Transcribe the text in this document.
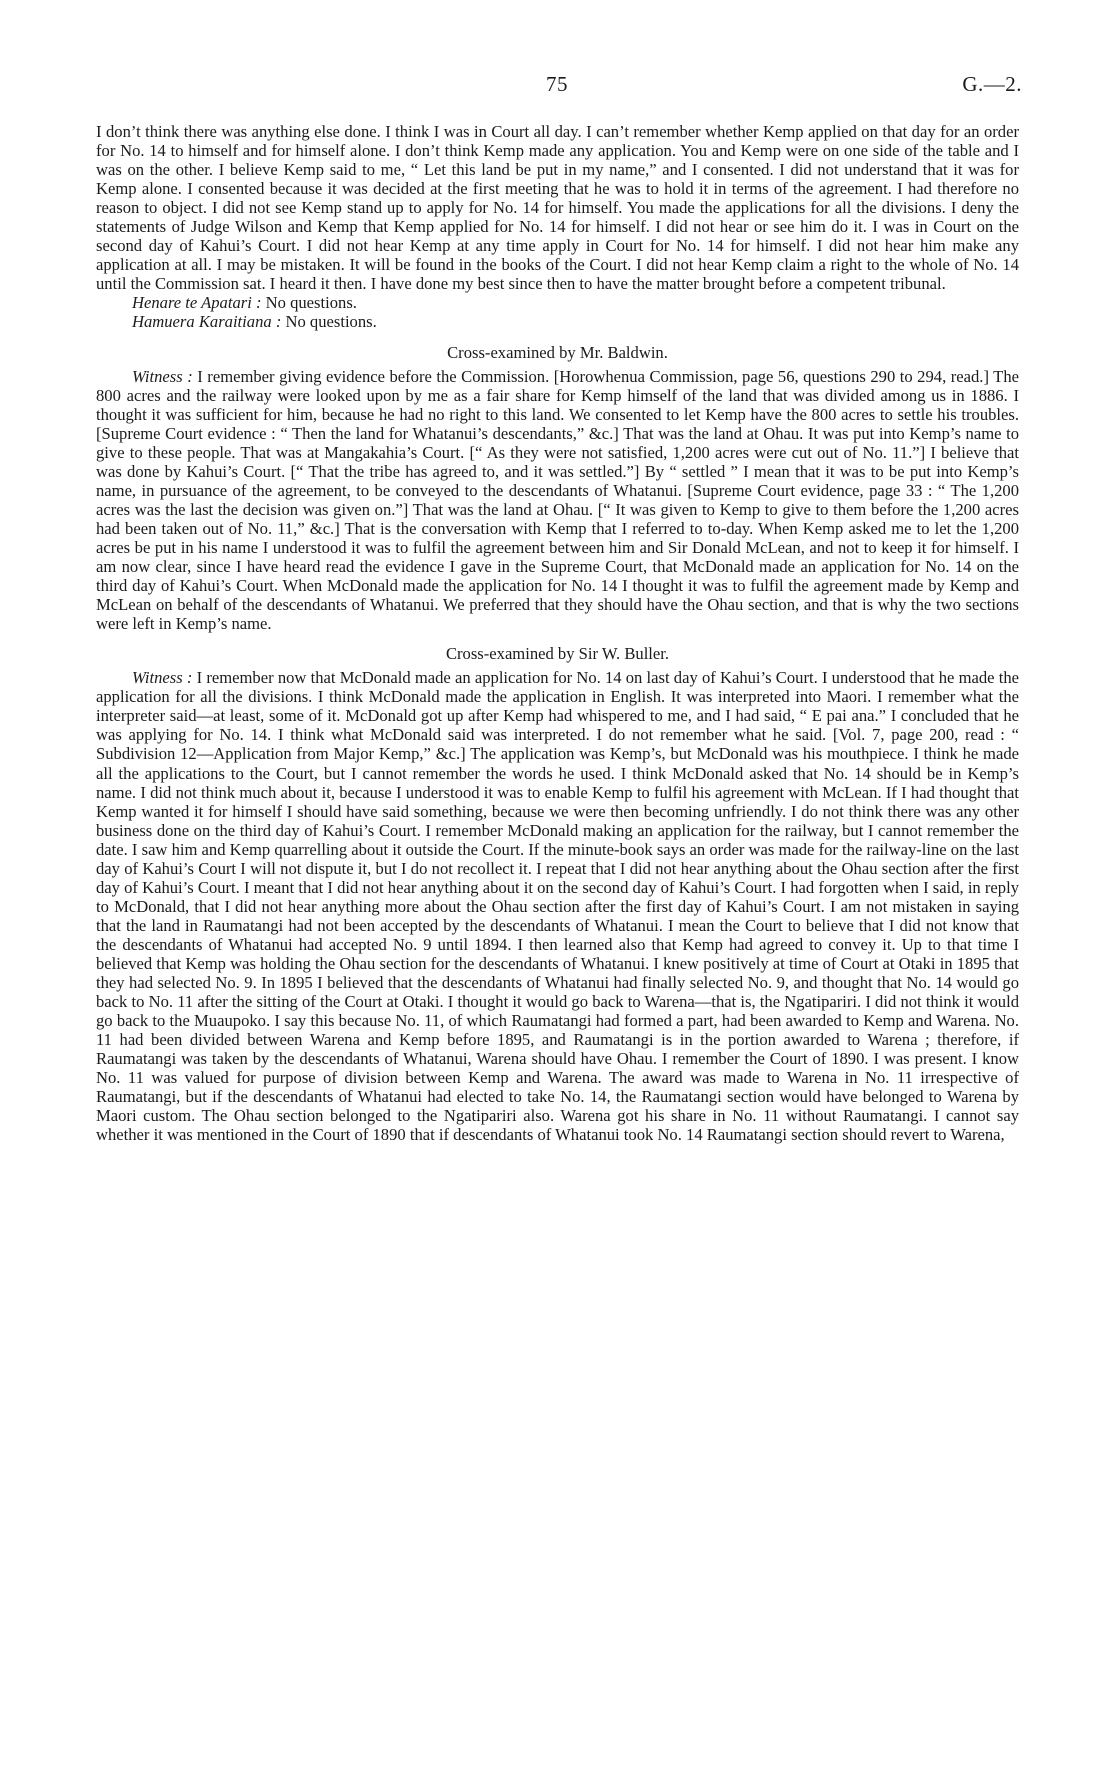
75	G.—2.

I don’t think there was anything else done. I think I was in Court all day. I can’t remember whether Kemp applied on that day for an order for No. 14 to himself and for himself alone. I don’t think Kemp made any application. You and Kemp were on one side of the table and I was on the other. I believe Kemp said to me, “ Let this land be put in my name,” and I consented. I did not understand that it was for Kemp alone. I consented because it was decided at the first meeting that he was to hold it in terms of the agreement. I had therefore no reason to object. I did not see Kemp stand up to apply for No. 14 for himself. You made the applications for all the divisions. I deny the statements of Judge Wilson and Kemp that Kemp applied for No. 14 for himself. I did not hear or see him do it. I was in Court on the second day of Kahui’s Court. I did not hear Kemp at any time apply in Court for No. 14 for himself. I did not hear him make any application at all. I may be mistaken. It will be found in the books of the Court. I did not hear Kemp claim a right to the whole of No. 14 until the Commission sat. I heard it then. I have done my best since then to have the matter brought before a competent tribunal.

Henare te Apatari : No questions.

Hamuera Karaitiana : No questions.

Cross-examined by Mr. Baldwin.

Witness : I remember giving evidence before the Commission. [Horowhenua Commission, page 56, questions 290 to 294, read.] The 800 acres and the railway were looked upon by me as a fair share for Kemp himself of the land that was divided among us in 1886. I thought it was sufficient for him, because he had no right to this land. We consented to let Kemp have the 800 acres to settle his troubles. [Supreme Court evidence : “ Then the land for Whatanui’s descendants,” &c.] That was the land at Ohau. It was put into Kemp’s name to give to these people. That was at Mangakahia’s Court. [“ As they were not satisfied, 1,200 acres were cut out of No. 11.”] I believe that was done by Kahui’s Court. [“ That the tribe has agreed to, and it was settled.”] By “ settled ” I mean that it was to be put into Kemp’s name, in pursuance of the agreement, to be conveyed to the descendants of Whatanui. [Supreme Court evidence, page 33 : “ The 1,200 acres was the last the decision was given on.”] That was the land at Ohau. [“ It was given to Kemp to give to them before the 1,200 acres had been taken out of No. 11,” &c.] That is the conversation with Kemp that I referred to to-day. When Kemp asked me to let the 1,200 acres be put in his name I understood it was to fulfil the agreement between him and Sir Donald McLean, and not to keep it for himself. I am now clear, since I have heard read the evidence I gave in the Supreme Court, that McDonald made an application for No. 14 on the third day of Kahui’s Court. When McDonald made the application for No. 14 I thought it was to fulfil the agreement made by Kemp and McLean on behalf of the descendants of Whatanui. We preferred that they should have the Ohau section, and that is why the two sections were left in Kemp’s name.

Cross-examined by Sir W. Buller.

Witness : I remember now that McDonald made an application for No. 14 on last day of Kahui’s Court. I understood that he made the application for all the divisions. I think McDonald made the application in English. It was interpreted into Maori. I remember what the interpreter said—at least, some of it. McDonald got up after Kemp had whispered to me, and I had said, “ E pai ana.” I concluded that he was applying for No. 14. I think what McDonald said was interpreted. I do not remember what he said. [Vol. 7, page 200, read : “ Subdivision 12—Application from Major Kemp,” &c.] The application was Kemp’s, but McDonald was his mouthpiece. I think he made all the applications to the Court, but I cannot remember the words he used. I think McDonald asked that No. 14 should be in Kemp’s name. I did not think much about it, because I understood it was to enable Kemp to fulfil his agreement with McLean. If I had thought that Kemp wanted it for himself I should have said something, because we were then becoming unfriendly. I do not think there was any other business done on the third day of Kahui’s Court. I remember McDonald making an application for the railway, but I cannot remember the date. I saw him and Kemp quarrelling about it outside the Court. If the minute-book says an order was made for the railway-line on the last day of Kahui’s Court I will not dispute it, but I do not recollect it. I repeat that I did not hear anything about the Ohau section after the first day of Kahui’s Court. I meant that I did not hear anything about it on the second day of Kahui’s Court. I had forgotten when I said, in reply to McDonald, that I did not hear anything more about the Ohau section after the first day of Kahui’s Court. I am not mistaken in saying that the land in Raumatangi had not been accepted by the descendants of Whatanui. I mean the Court to believe that I did not know that the descendants of Whatanui had accepted No. 9 until 1894. I then learned also that Kemp had agreed to convey it. Up to that time I believed that Kemp was holding the Ohau section for the descendants of Whatanui. I knew positively at time of Court at Otaki in 1895 that they had selected No. 9. In 1895 I believed that the descendants of Whatanui had finally selected No. 9, and thought that No. 14 would go back to No. 11 after the sitting of the Court at Otaki. I thought it would go back to Warena—that is, the Ngatipariri. I did not think it would go back to the Muaupoko. I say this because No. 11, of which Raumatangi had formed a part, had been awarded to Kemp and Warena. No. 11 had been divided between Warena and Kemp before 1895, and Raumatangi is in the portion awarded to Warena ; therefore, if Raumatangi was taken by the descendants of Whatanui, Warena should have Ohau. I remember the Court of 1890. I was present. I know No. 11 was valued for purpose of division between Kemp and Warena. The award was made to Warena in No. 11 irrespective of Raumatangi, but if the descendants of Whatanui had elected to take No. 14, the Raumatangi section would have belonged to Warena by Maori custom. The Ohau section belonged to the Ngatipariri also. Warena got his share in No. 11 without Raumatangi. I cannot say whether it was mentioned in the Court of 1890 that if descendants of Whatanui took No. 14 Raumatangi section should revert to Warena,
